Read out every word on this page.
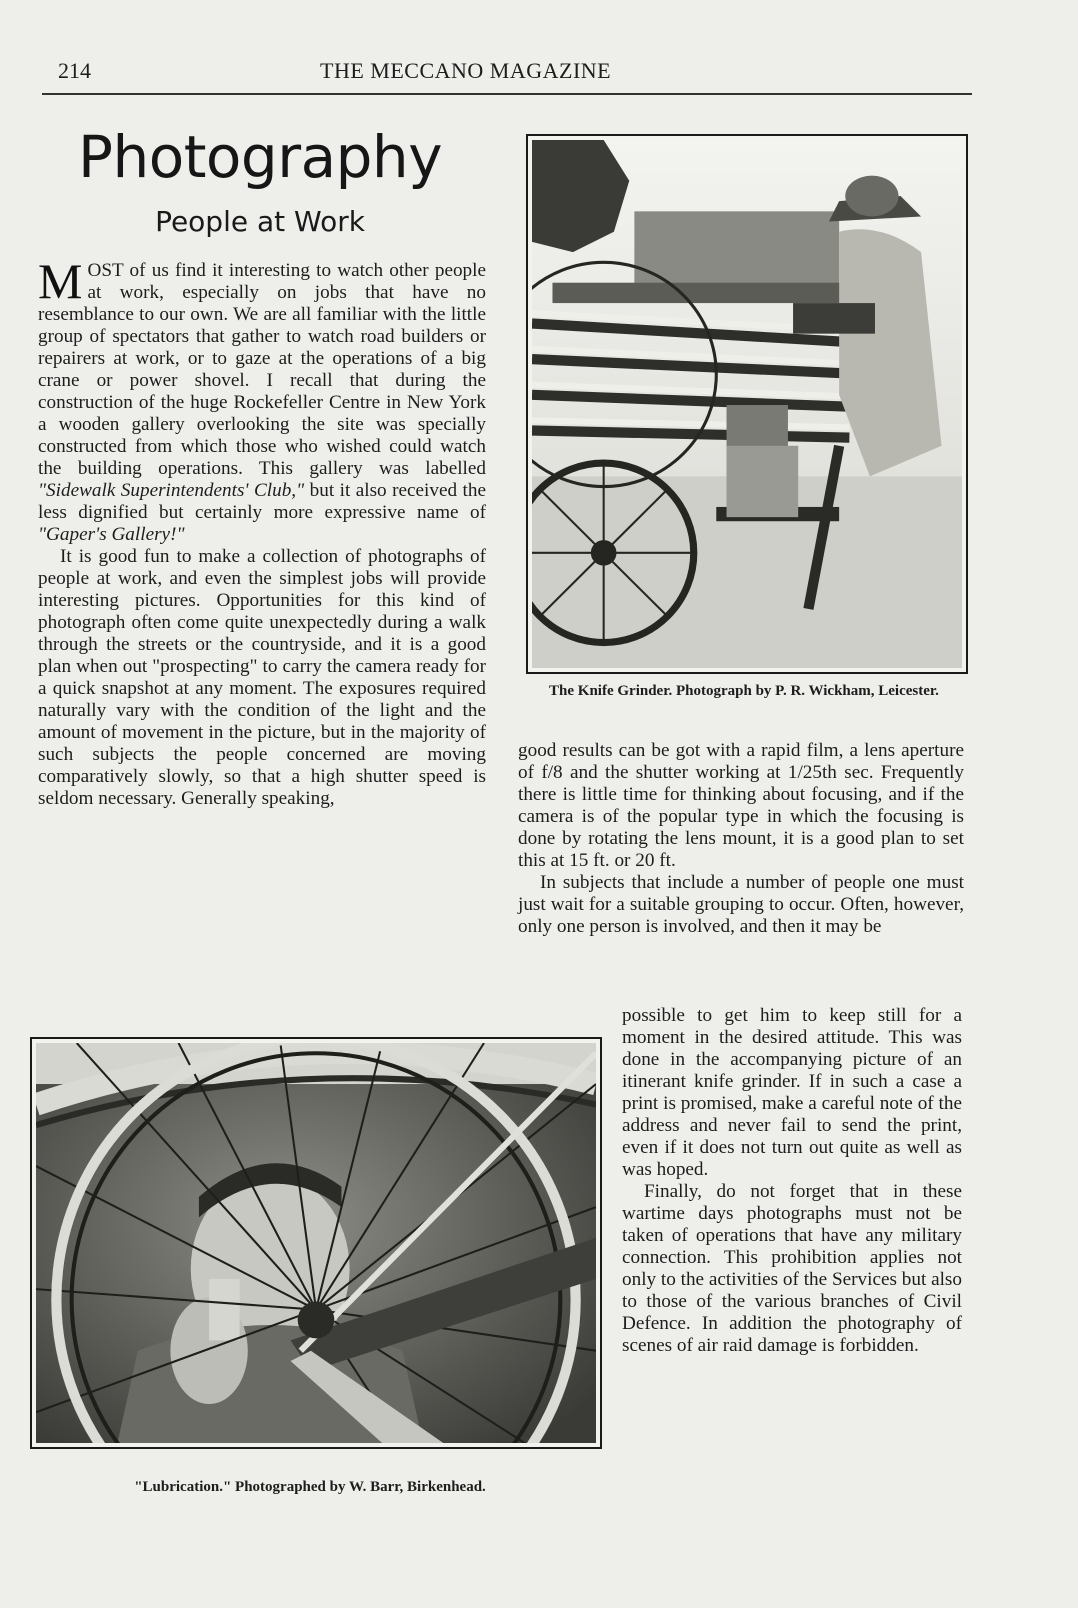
214	THE MECCANO MAGAZINE
Photography
People at Work

MOST of us find it interesting to watch other people at work, especially on jobs that have no resemblance to our own. We are all familiar with the little group of spectators that gather to watch road builders or repairers at work, or to gaze at the operations of a big crane or power shovel. I recall that during the construction of the huge Rockefeller Centre in New York a wooden gallery overlooking the site was specially constructed from which those who wished could watch the building operations. This gallery was labelled "Sidewalk Superintendents' Club," but it also received the less dignified but certainly more expressive name of "Gaper's Gallery!"

It is good fun to make a collection of photographs of people at work, and even the simplest jobs will provide interesting pictures. Opportunities for this kind of photograph often come quite unexpectedly during a walk through the streets or the countryside, and it is a good plan when out "prospecting" to carry the camera ready for a quick snapshot at any moment. The exposures required naturally vary with the condition of the light and the amount of movement in the picture, but in the majority of such subjects the people concerned are moving comparatively slowly, so that a high shutter speed is seldom necessary. Generally speaking,

The Knife Grinder. Photograph by P. R. Wickham, Leicester.

good results can be got with a rapid film, a lens aperture of f/8 and the shutter working at 1/25th sec. Frequently there is little time for thinking about focusing, and if the camera is of the popular type in which the focusing is done by rotating the lens mount, it is a good plan to set this at 15 ft. or 20 ft.

In subjects that include a number of people one must just wait for a suitable grouping to occur. Often, however, only one person is involved, and then it may be

"Lubrication." Photographed by W. Barr, Birkenhead.

possible to get him to keep still for a moment in the desired attitude. This was done in the accompanying picture of an itinerant knife grinder. If in such a case a print is promised, make a careful note of the address and never fail to send the print, even if it does not turn out quite as well as was hoped.

Finally, do not forget that in these wartime days photographs must not be taken of operations that have any military connection. This prohibition applies not only to the activities of the Services but also to those of the various branches of Civil Defence. In addition the photography of scenes of air raid damage is forbidden.
